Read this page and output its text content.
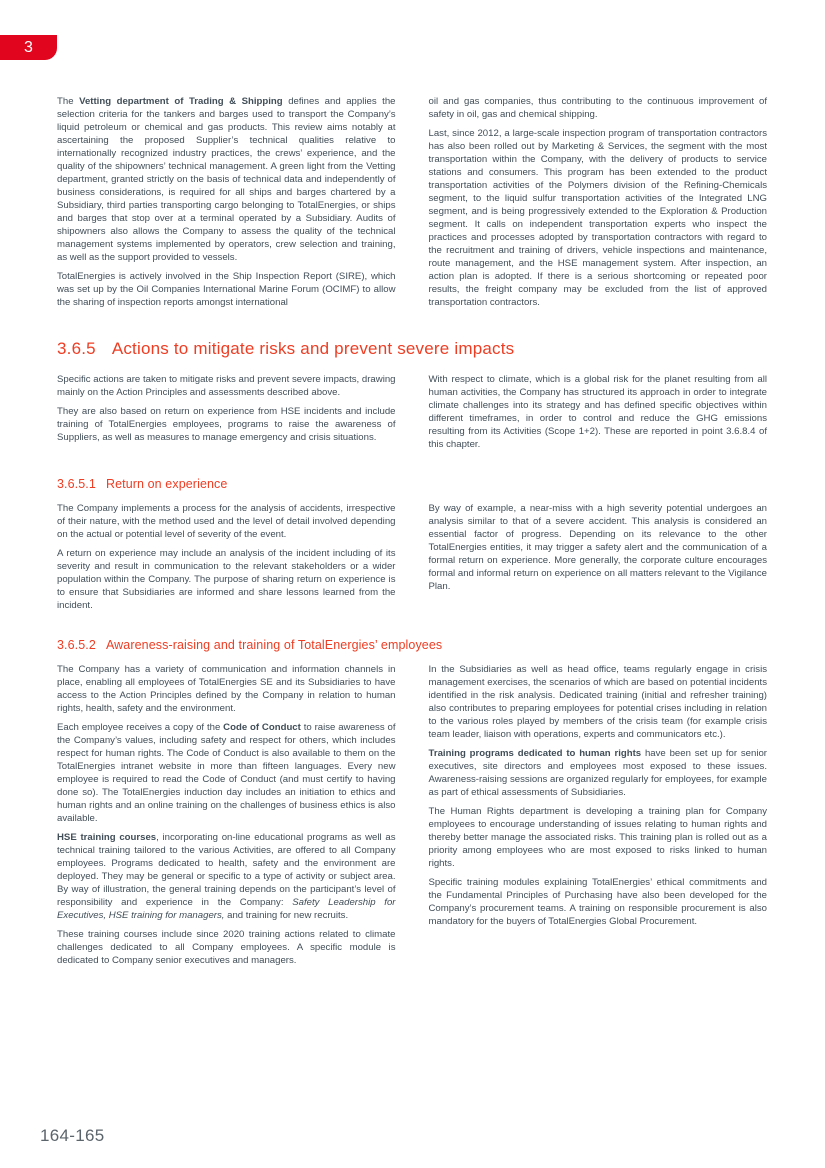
3

The Vetting department of Trading & Shipping defines and applies the selection criteria for the tankers and barges used to transport the Company’s liquid petroleum or chemical and gas products. This review aims notably at ascertaining the proposed Supplier’s technical qualities relative to internationally recognized industry practices, the crews’ experience, and the quality of the shipowners’ technical management. A green light from the Vetting department, granted strictly on the basis of technical data and independently of business considerations, is required for all ships and barges chartered by a Subsidiary, third parties transporting cargo belonging to TotalEnergies, or ships and barges that stop over at a terminal operated by a Subsidiary. Audits of shipowners also allows the Company to assess the quality of the technical management systems implemented by operators, crew selection and training, as well as the support provided to vessels.

TotalEnergies is actively involved in the Ship Inspection Report (SIRE), which was set up by the Oil Companies International Marine Forum (OCIMF) to allow the sharing of inspection reports amongst international

oil and gas companies, thus contributing to the continuous improvement of safety in oil, gas and chemical shipping.

Last, since 2012, a large-scale inspection program of transportation contractors has also been rolled out by Marketing & Services, the segment with the most transportation within the Company, with the delivery of products to service stations and consumers. This program has been extended to the product transportation activities of the Polymers division of the Refining-Chemicals segment, to the liquid sulfur transportation activities of the Integrated LNG segment, and is being progressively extended to the Exploration & Production segment. It calls on independent transportation experts who inspect the practices and processes adopted by transportation contractors with regard to the recruitment and training of drivers, vehicle inspections and maintenance, route management, and the HSE management system. After inspection, an action plan is adopted. If there is a serious shortcoming or repeated poor results, the freight company may be excluded from the list of approved transportation contractors.

3.6.5 Actions to mitigate risks and prevent severe impacts

Specific actions are taken to mitigate risks and prevent severe impacts, drawing mainly on the Action Principles and assessments described above.

They are also based on return on experience from HSE incidents and include training of TotalEnergies employees, programs to raise the awareness of Suppliers, as well as measures to manage emergency and crisis situations.

With respect to climate, which is a global risk for the planet resulting from all human activities, the Company has structured its approach in order to integrate climate challenges into its strategy and has defined specific objectives within different timeframes, in order to control and reduce the GHG emissions resulting from its Activities (Scope 1+2). These are reported in point 3.6.8.4 of this chapter.

3.6.5.1 Return on experience

The Company implements a process for the analysis of accidents, irrespective of their nature, with the method used and the level of detail involved depending on the actual or potential level of severity of the event.

A return on experience may include an analysis of the incident including of its severity and result in communication to the relevant stakeholders or a wider population within the Company. The purpose of sharing return on experience is to ensure that Subsidiaries are informed and share lessons learned from the incident.

By way of example, a near-miss with a high severity potential undergoes an analysis similar to that of a severe accident. This analysis is considered an essential factor of progress. Depending on its relevance to the other TotalEnergies entities, it may trigger a safety alert and the communication of a formal return on experience. More generally, the corporate culture encourages formal and informal return on experience on all matters relevant to the Vigilance Plan.

3.6.5.2 Awareness-raising and training of TotalEnergies’ employees

The Company has a variety of communication and information channels in place, enabling all employees of TotalEnergies SE and its Subsidiaries to have access to the Action Principles defined by the Company in relation to human rights, health, safety and the environment.

Each employee receives a copy of the Code of Conduct to raise awareness of the Company’s values, including safety and respect for others, which includes respect for human rights. The Code of Conduct is also available to them on the TotalEnergies intranet website in more than fifteen languages. Every new employee is required to read the Code of Conduct (and must certify to having done so). The TotalEnergies induction day includes an initiation to ethics and human rights and an online training on the challenges of business ethics is also available.

HSE training courses, incorporating on-line educational programs as well as technical training tailored to the various Activities, are offered to all Company employees. Programs dedicated to health, safety and the environment are deployed. They may be general or specific to a type of activity or subject area. By way of illustration, the general training depends on the participant’s level of responsibility and experience in the Company: Safety Leadership for Executives, HSE training for managers, and training for new recruits.

These training courses include since 2020 training actions related to climate challenges dedicated to all Company employees. A specific module is dedicated to Company senior executives and managers.

In the Subsidiaries as well as head office, teams regularly engage in crisis management exercises, the scenarios of which are based on potential incidents identified in the risk analysis. Dedicated training (initial and refresher training) also contributes to preparing employees for potential crises including in relation to the various roles played by members of the crisis team (for example crisis team leader, liaison with operations, experts and communicators etc.).

Training programs dedicated to human rights have been set up for senior executives, site directors and employees most exposed to these issues. Awareness-raising sessions are organized regularly for employees, for example as part of ethical assessments of Subsidiaries.

The Human Rights department is developing a training plan for Company employees to encourage understanding of issues relating to human rights and thereby better manage the associated risks. This training plan is rolled out as a priority among employees who are most exposed to risks linked to human rights.

Specific training modules explaining TotalEnergies’ ethical commitments and the Fundamental Principles of Purchasing have also been developed for the Company’s procurement teams. A training on responsible procurement is also mandatory for the buyers of TotalEnergies Global Procurement.

164-165
